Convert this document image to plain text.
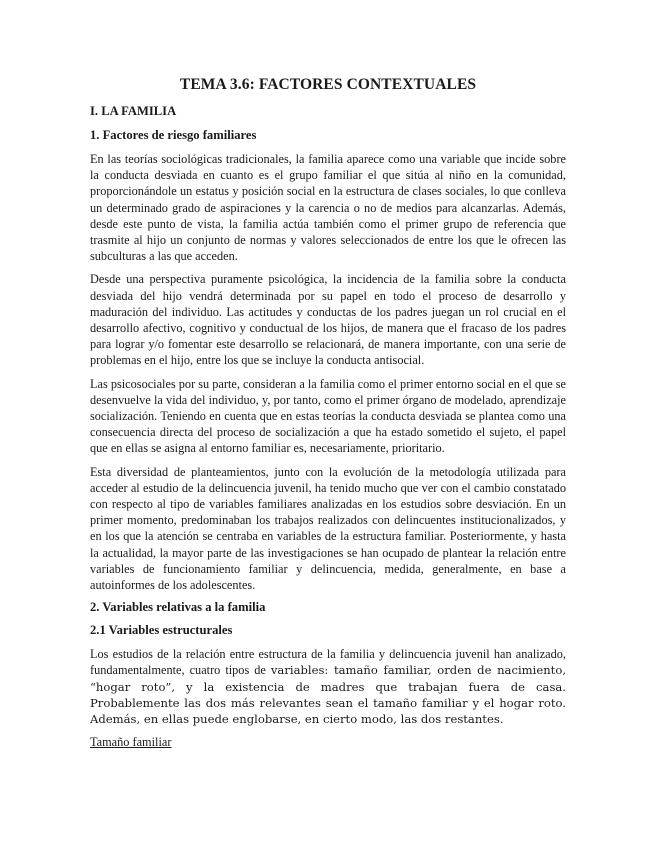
TEMA 3.6: FACTORES CONTEXTUALES
I. LA FAMILIA
1. Factores de riesgo familiares

En las teorías sociológicas tradicionales, la familia aparece como una variable que incide sobre la conducta desviada en cuanto es el grupo familiar el que sitúa al niño en la comunidad, proporcionándole un estatus y posición social en la estructura de clases sociales, lo que conlleva un determinado grado de aspiraciones y la carencia o no de medios para alcanzarlas. Además, desde este punto de vista, la familia actúa también como el primer grupo de referencia que trasmite al hijo un conjunto de normas y valores seleccionados de entre los que le ofrecen las subculturas a las que acceden.

Desde una perspectiva puramente psicológica, la incidencia de la familia sobre la conducta desviada del hijo vendrá determinada por su papel en todo el proceso de desarrollo y maduración del individuo. Las actitudes y conductas de los padres juegan un rol crucial en el desarrollo afectivo, cognitivo y conductual de los hijos, de manera que el fracaso de los padres para lograr y/o fomentar este desarrollo se relacionará, de manera importante, con una serie de problemas en el hijo, entre los que se incluye la conducta antisocial.

Las psicosociales por su parte, consideran a la familia como el primer entorno social en el que se desenvuelve la vida del individuo, y, por tanto, como el primer órgano de modelado, aprendizaje socialización. Teniendo en cuenta que en estas teorías la conducta desviada se plantea como una consecuencia directa del proceso de socialización a que ha estado sometido el sujeto, el papel que en ellas se asigna al entorno familiar es, necesariamente, prioritario.

Esta diversidad de planteamientos, junto con la evolución de la metodología utilizada para acceder al estudio de la delincuencia juvenil, ha tenido mucho que ver con el cambio constatado con respecto al tipo de variables familiares analizadas en los estudios sobre desviación. En un primer momento, predominaban los trabajos realizados con delincuentes institucionalizados, y en los que la atención se centraba en variables de la estructura familiar. Posteriormente, y hasta la actualidad, la mayor parte de las investigaciones se han ocupado de plantear la relación entre variables de funcionamiento familiar y delincuencia, medida, generalmente, en base a autoinformes de los adolescentes.

2. Variables relativas a la familia
2.1 Variables estructurales

Los estudios de la relación entre estructura de la familia y delincuencia juvenil han analizado, fundamentalmente, cuatro tipos de variables: tamaño familiar, orden de nacimiento, “hogar roto”, y la existencia de madres que trabajan fuera de casa. Probablemente las dos más relevantes sean el tamaño familiar y el hogar roto. Además, en ellas puede englobarse, en cierto modo, las dos restantes.

Tamaño familiar
